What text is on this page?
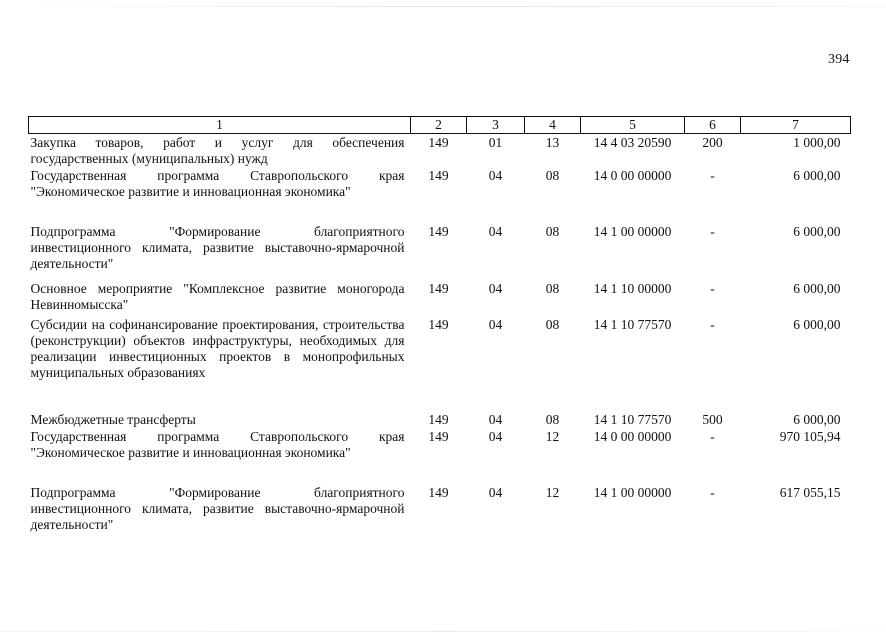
394
1	2	3	4	5	6	7
Закупка товаров, работ и услуг для обеспечения государственных (муниципальных) нужд	149	01	13	14 4 03 20590	200	1 000,00
Государственная программа Ставропольского края "Экономическое развитие и инновационная экономика"	149	04	08	14 0 00 00000	-	6 000,00
Подпрограмма "Формирование благоприятного инвестиционного климата, развитие выставочно-ярмарочной деятельности"	149	04	08	14 1 00 00000	-	6 000,00
Основное мероприятие "Комплексное развитие моногорода Невинномысска"	149	04	08	14 1 10 00000	-	6 000,00
Субсидии на софинансирование проектирования, строительства (реконструкции) объектов инфраструктуры, необходимых для реализации инвестиционных проектов в монопрофильных муниципальных образованиях	149	04	08	14 1 10 77570	-	6 000,00
Межбюджетные трансферты	149	04	08	14 1 10 77570	500	6 000,00
Государственная программа Ставропольского края "Экономическое развитие и инновационная экономика"	149	04	12	14 0 00 00000	-	970 105,94
Подпрограмма "Формирование благоприятного инвестиционного климата, развитие выставочно-ярмарочной деятельности"	149	04	12	14 1 00 00000	-	617 055,15
